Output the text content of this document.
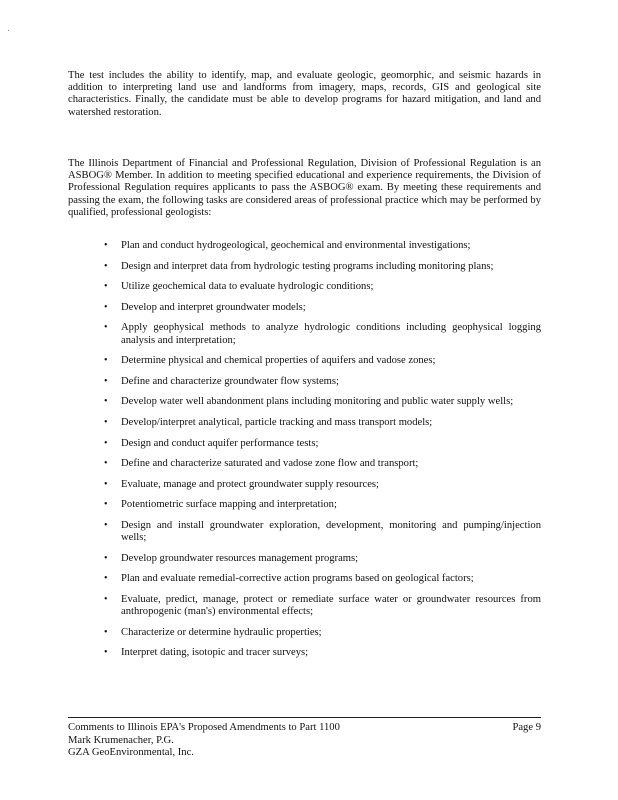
The test includes the ability to identify, map, and evaluate geologic, geomorphic, and seismic hazards in addition to interpreting land use and landforms from imagery, maps, records, GIS and geological site characteristics. Finally, the candidate must be able to develop programs for hazard mitigation, and land and watershed restoration.

The Illinois Department of Financial and Professional Regulation, Division of Professional Regulation is an ASBOG® Member. In addition to meeting specified educational and experience requirements, the Division of Professional Regulation requires applicants to pass the ASBOG® exam. By meeting these requirements and passing the exam, the following tasks are considered areas of professional practice which may be performed by qualified, professional geologists:

• Plan and conduct hydrogeological, geochemical and environmental investigations;
• Design and interpret data from hydrologic testing programs including monitoring plans;
• Utilize geochemical data to evaluate hydrologic conditions;
• Develop and interpret groundwater models;
• Apply geophysical methods to analyze hydrologic conditions including geophysical logging analysis and interpretation;
• Determine physical and chemical properties of aquifers and vadose zones;
• Define and characterize groundwater flow systems;
• Develop water well abandonment plans including monitoring and public water supply wells;
• Develop/interpret analytical, particle tracking and mass transport models;
• Design and conduct aquifer performance tests;
• Define and characterize saturated and vadose zone flow and transport;
• Evaluate, manage and protect groundwater supply resources;
• Potentiometric surface mapping and interpretation;
• Design and install groundwater exploration, development, monitoring and pumping/injection wells;
• Develop groundwater resources management programs;
• Plan and evaluate remedial-corrective action programs based on geological factors;
• Evaluate, predict, manage, protect or remediate surface water or groundwater resources from anthropogenic (man's) environmental effects;
• Characterize or determine hydraulic properties;
• Interpret dating, isotopic and tracer surveys;
Comments to Illinois EPA's Proposed Amendments to Part 1100	Page 9
Mark Krumenacher, P.G.
GZA GeoEnvironmental, Inc.
